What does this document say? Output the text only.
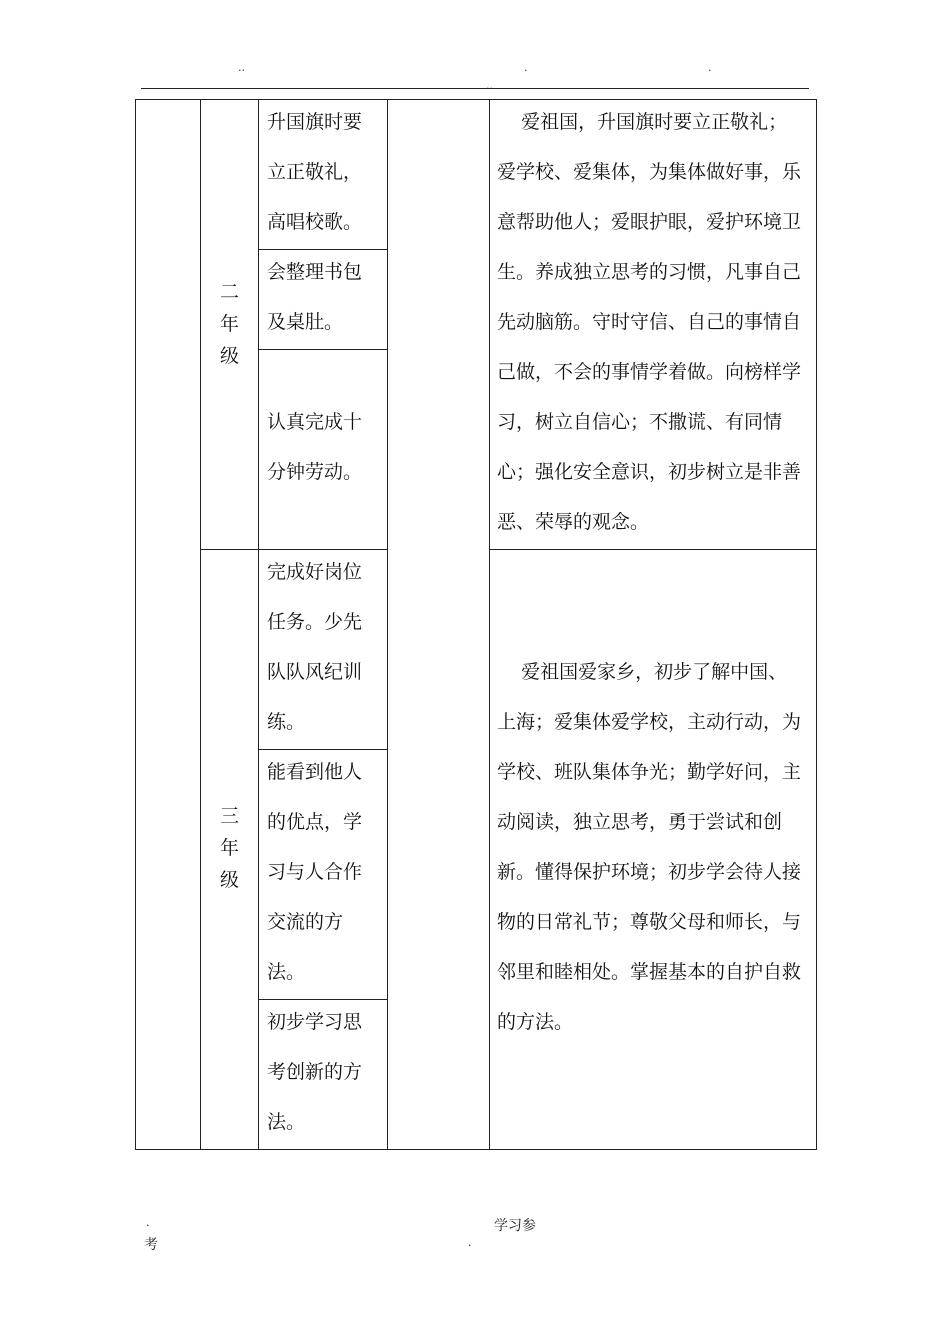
..	.	.
..
二
年
级
升国旗时要
立正敬礼，
高唱校歌。
会整理书包
及桌肚。
认真完成十
分钟劳动。
爱祖国，升国旗时要立正敬礼；
爱学校、爱集体，为集体做好事，乐
意帮助他人；爱眼护眼，爱护环境卫
生。养成独立思考的习惯，凡事自己
先动脑筋。守时守信、自己的事情自
己做，不会的事情学着做。向榜样学
习，树立自信心；不撒谎、有同情
心；强化安全意识，初步树立是非善
恶、荣辱的观念。
三
年
级
完成好岗位
任务。少先
队队风纪训
练。
能看到他人
的优点，学
习与人合作
交流的方
法。
初步学习思
考创新的方
法。
爱祖国爱家乡，初步了解中国、
上海；爱集体爱学校，主动行动，为
学校、班队集体争光；勤学好问，主
动阅读，独立思考，勇于尝试和创
新。懂得保护环境；初步学会待人接
物的日常礼节；尊敬父母和师长，与
邻里和睦相处。掌握基本的自护自救
的方法。
.
考
学习参
.
